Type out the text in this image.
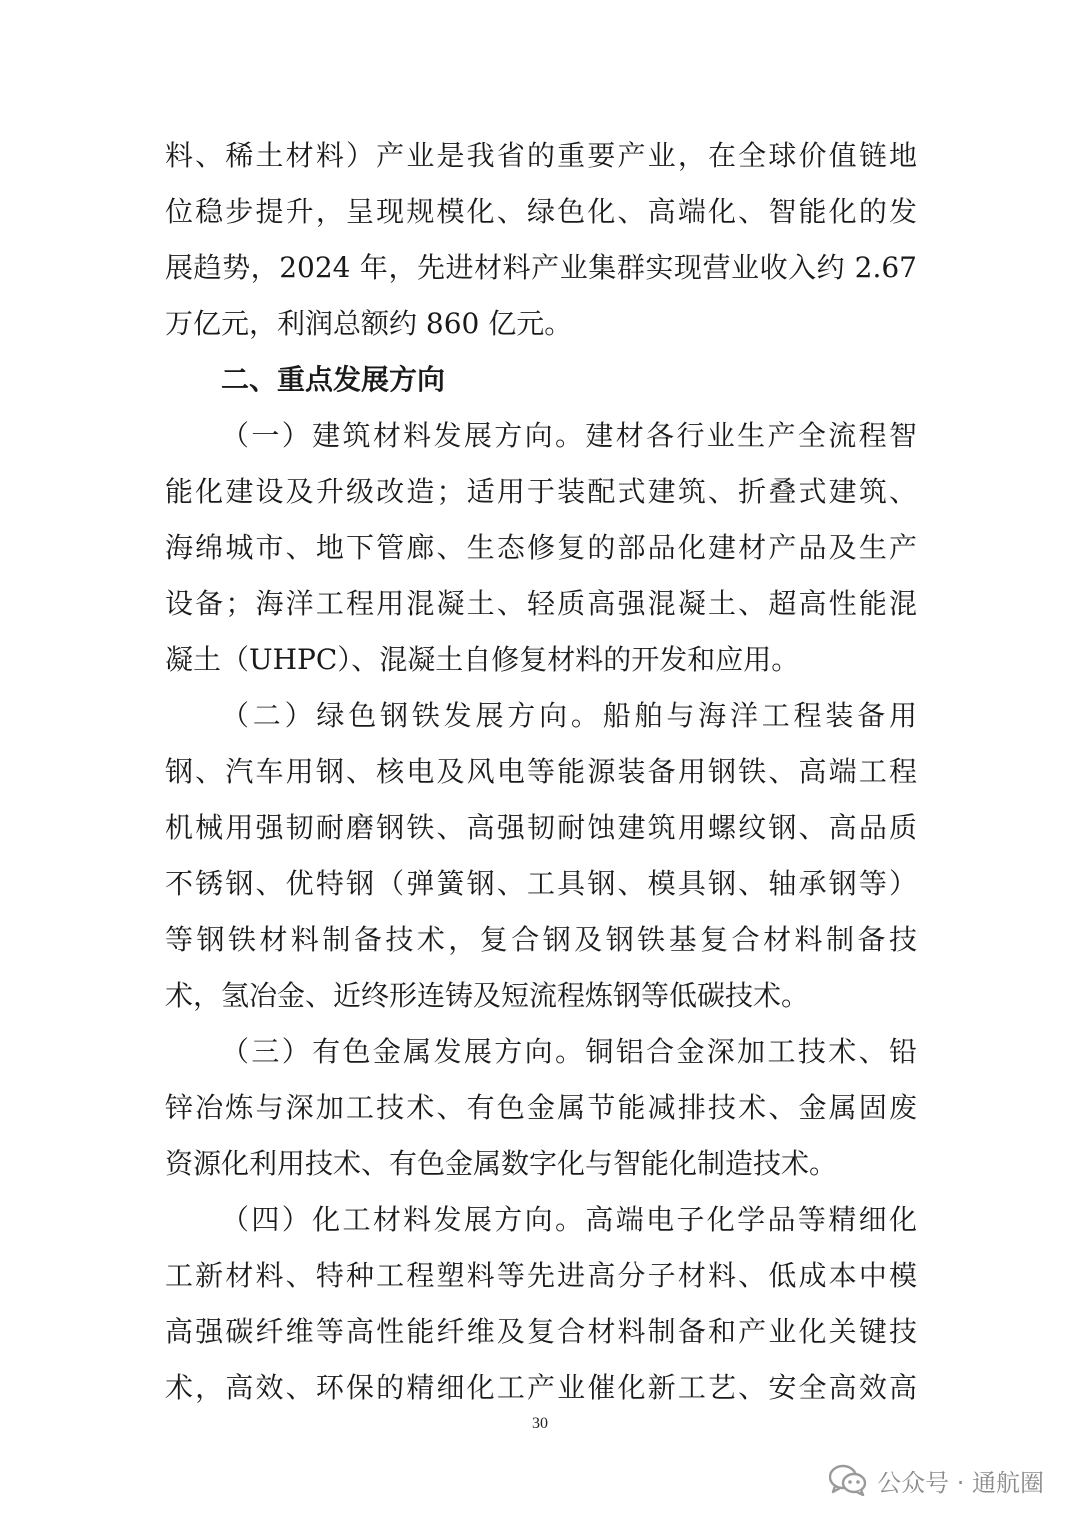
料、稀土材料）产业是我省的重要产业，在全球价值链地
位稳步提升，呈现规模化、绿色化、高端化、智能化的发
展趋势，2024 年，先进材料产业集群实现营业收入约 2.67
万亿元，利润总额约 860 亿元。
二、重点发展方向
（一）建筑材料发展方向。建材各行业生产全流程智
能化建设及升级改造；适用于装配式建筑、折叠式建筑、
海绵城市、地下管廊、生态修复的部品化建材产品及生产
设备；海洋工程用混凝土、轻质高强混凝土、超高性能混
凝土（UHPC）、混凝土自修复材料的开发和应用。
（二）绿色钢铁发展方向。船舶与海洋工程装备用
钢、汽车用钢、核电及风电等能源装备用钢铁、高端工程
机械用强韧耐磨钢铁、高强韧耐蚀建筑用螺纹钢、高品质
不锈钢、优特钢（弹簧钢、工具钢、模具钢、轴承钢等）
等钢铁材料制备技术，复合钢及钢铁基复合材料制备技
术，氢冶金、近终形连铸及短流程炼钢等低碳技术。
（三）有色金属发展方向。铜铝合金深加工技术、铅
锌冶炼与深加工技术、有色金属节能减排技术、金属固废
资源化利用技术、有色金属数字化与智能化制造技术。
（四）化工材料发展方向。高端电子化学品等精细化
工新材料、特种工程塑料等先进高分子材料、低成本中模
高强碳纤维等高性能纤维及复合材料制备和产业化关键技
术，高效、环保的精细化工产业催化新工艺、安全高效高
30
公众号 · 通航圈
